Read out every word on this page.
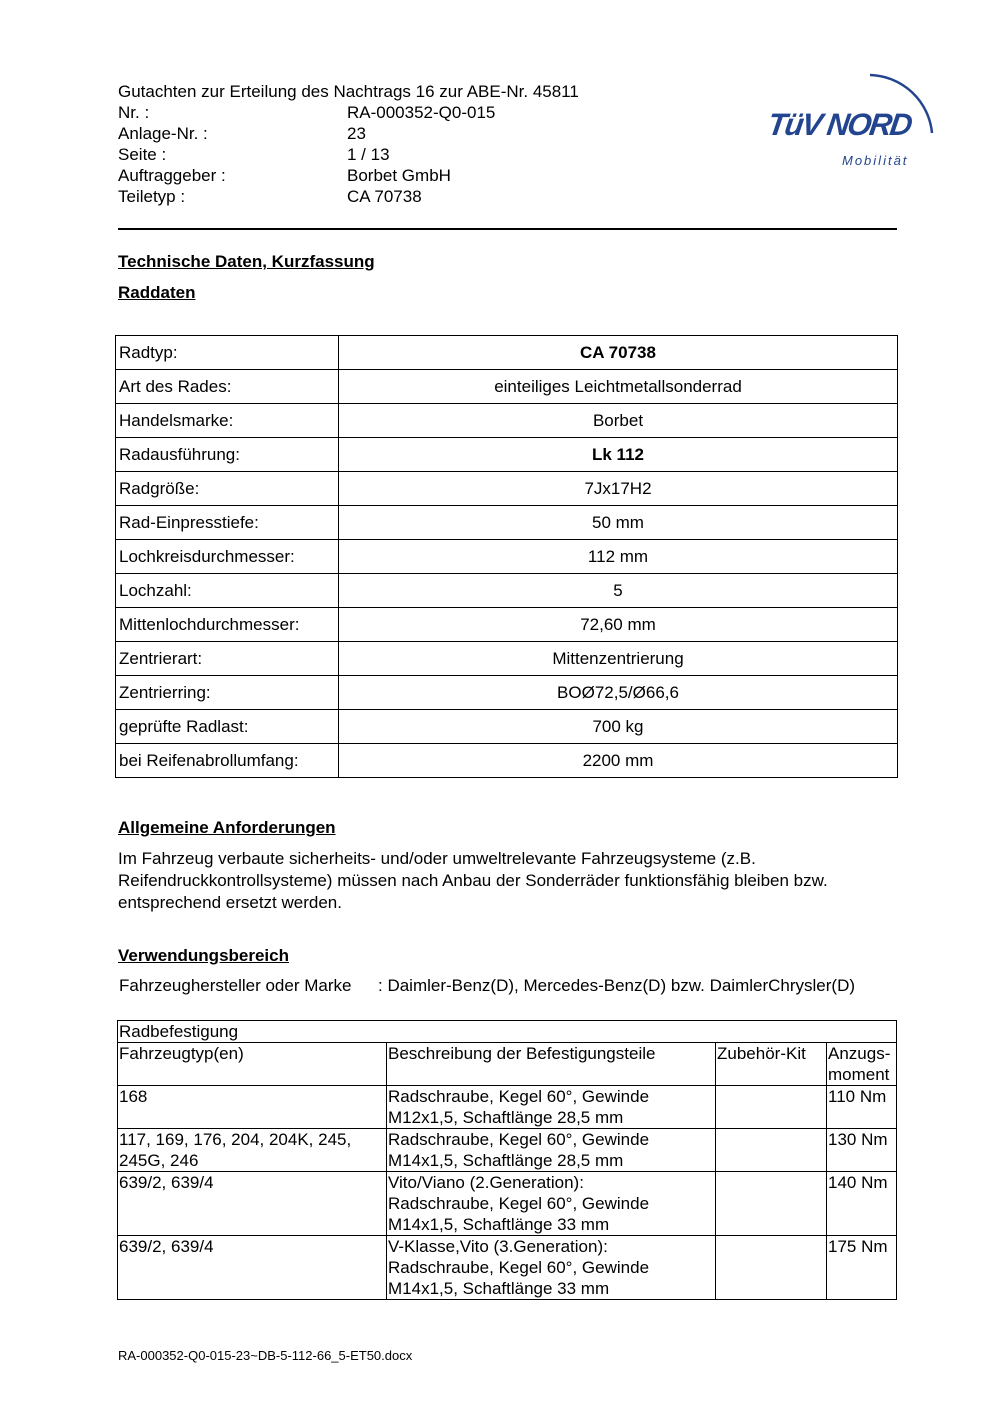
Gutachten zur Erteilung des Nachtrags 16 zur ABE-Nr. 45811
Nr. :	RA-000352-Q0-015
Anlage-Nr. :	23
Seite :	1 / 13
Auftraggeber :	Borbet GmbH
Teiletyp :	CA 70738
TüV NORD
Mobilität
Technische Daten, Kurzfassung
Raddaten
Radtyp:	CA 70738
Art des Rades:	einteiliges Leichtmetallsonderrad
Handelsmarke:	Borbet
Radausführung:	Lk 112
Radgröße:	7Jx17H2
Rad-Einpresstiefe:	50 mm
Lochkreisdurchmesser:	112 mm
Lochzahl:	5
Mittenlochdurchmesser:	72,60 mm
Zentrierart:	Mittenzentrierung
Zentrierring:	BOØ72,5/Ø66,6
geprüfte Radlast:	700 kg
bei Reifenabrollumfang:	2200 mm
Allgemeine Anforderungen
Im Fahrzeug verbaute sicherheits- und/oder umweltrelevante Fahrzeugsysteme (z.B.
Reifendruckkontrollsysteme) müssen nach Anbau der Sonderräder funktionsfähig bleiben bzw.
entsprechend ersetzt werden.
Verwendungsbereich
Fahrzeughersteller oder Marke : Daimler-Benz(D), Mercedes-Benz(D) bzw. DaimlerChrysler(D)
Radbefestigung			

Fahrzeugtyp(en)	Beschreibung der Befestigungsteile	Zubehör-Kit	Anzugs-
moment

168	Radschraube, Kegel 60°, Gewinde
M12x1,5, Schaftlänge 28,5 mm		110 Nm

117, 169, 176, 204, 204K, 245,
245G, 246	Radschraube, Kegel 60°, Gewinde
M14x1,5, Schaftlänge 28,5 mm		130 Nm

639/2, 639/4	Vito/Viano (2.Generation):
Radschraube, Kegel 60°, Gewinde
M14x1,5, Schaftlänge 33 mm		140 Nm

639/2, 639/4	V-Klasse,Vito (3.Generation):
Radschraube, Kegel 60°, Gewinde
M14x1,5, Schaftlänge 33 mm		175 Nm
RA-000352-Q0-015-23~DB-5-112-66_5-ET50.docx
